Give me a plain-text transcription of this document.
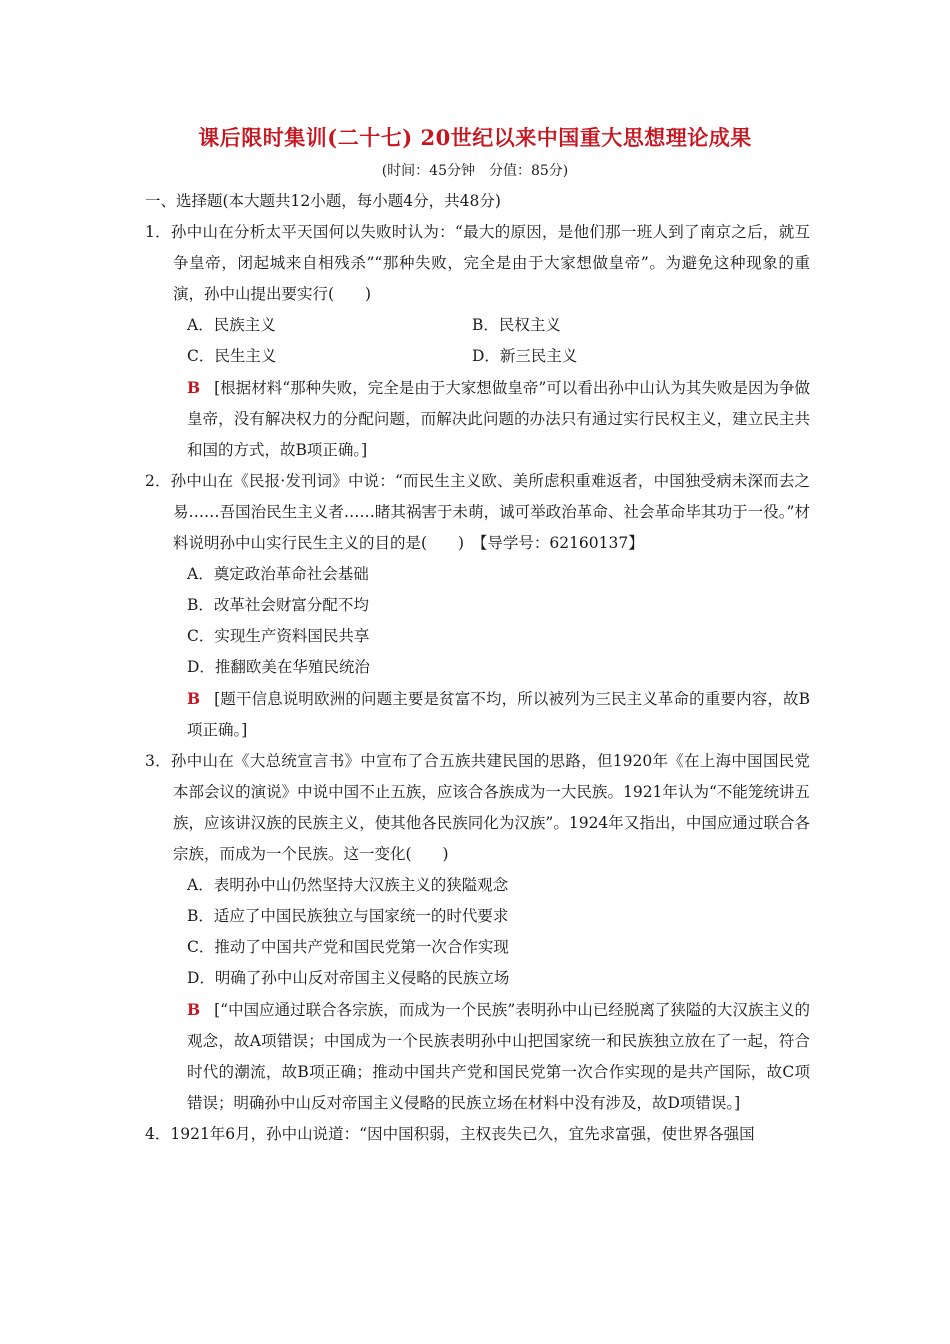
课后限时集训(二十七) 20世纪以来中国重大思想理论成果
(时间：45分钟　分值：85分)
一、选择题(本大题共12小题，每小题4分，共48分)
1．孙中山在分析太平天国何以失败时认为：“最大的原因，是他们那一班人到了南京之后，就互争皇帝，闭起城来自相残杀”“那种失败，完全是由于大家想做皇帝”。为避免这种现象的重演，孙中山提出要实行(　　)
A．民族主义	B．民权主义
C．民生主义	D．新三民主义
B [根据材料“那种失败，完全是由于大家想做皇帝”可以看出孙中山认为其失败是因为争做皇帝，没有解决权力的分配问题，而解决此问题的办法只有通过实行民权主义，建立民主共和国的方式，故B项正确。]
2．孙中山在《民报·发刊词》中说：“而民生主义欧、美所虑积重难返者，中国独受病未深而去之易……吾国治民生主义者……睹其祸害于未萌，诚可举政治革命、社会革命毕其功于一役。”材料说明孙中山实行民生主义的目的是(　　)　【导学号：62160137】
A．奠定政治革命社会基础
B．改革社会财富分配不均
C．实现生产资料国民共享
D．推翻欧美在华殖民统治
B [题干信息说明欧洲的问题主要是贫富不均，所以被列为三民主义革命的重要内容，故B项正确。]
3．孙中山在《大总统宣言书》中宣布了合五族共建民国的思路，但1920年《在上海中国国民党本部会议的演说》中说中国不止五族，应该合各族成为一大民族。1921年认为“不能笼统讲五族，应该讲汉族的民族主义，使其他各民族同化为汉族”。1924年又指出，中国应通过联合各宗族，而成为一个民族。这一变化(　　)
A．表明孙中山仍然坚持大汉族主义的狭隘观念
B．适应了中国民族独立与国家统一的时代要求
C．推动了中国共产党和国民党第一次合作实现
D．明确了孙中山反对帝国主义侵略的民族立场
B [“中国应通过联合各宗族，而成为一个民族”表明孙中山已经脱离了狭隘的大汉族主义的观念，故A项错误；中国成为一个民族表明孙中山把国家统一和民族独立放在了一起，符合时代的潮流，故B项正确；推动中国共产党和国民党第一次合作实现的是共产国际，故C项错误；明确孙中山反对帝国主义侵略的民族立场在材料中没有涉及，故D项错误。]
4．1921年6月，孙中山说道：“因中国积弱，主权丧失已久，宜先求富强，使世界各强国
